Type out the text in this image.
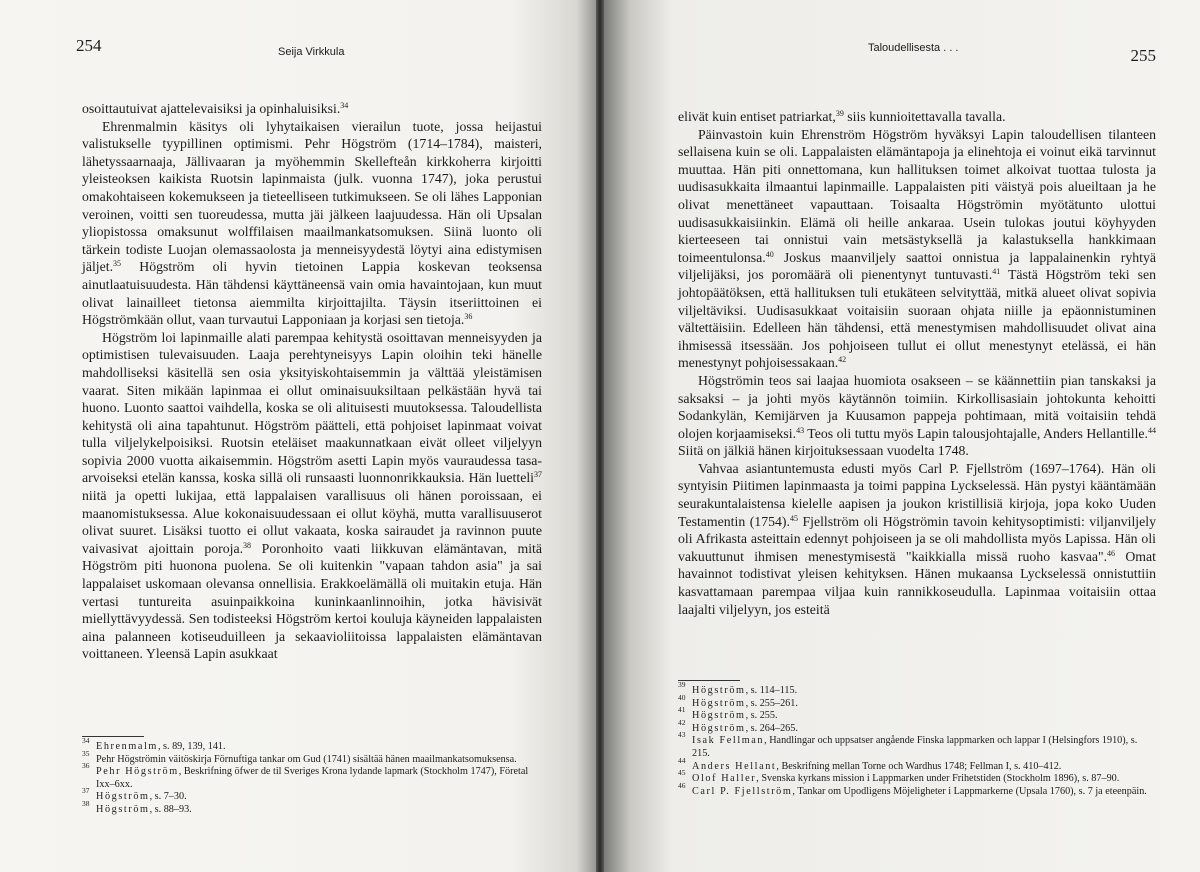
254	Seija Virkkula

osoittautuivat ajattelevaisiksi ja opinhaluisiksi.$^{34}$

Ehrenmalmin käsitys oli lyhytaikaisen vierailun tuote, jossa heijastui valistukselle tyypillinen optimismi. Pehr Högström (1714–1784), maisteri, lähetyssaarnaaja, Jällivaaran ja myöhemmin Skellefteån kirkkoherra kirjoitti yleisteoksen kaikista Ruotsin lapinmaista (julk. vuonna 1747), joka perustui omakohtaiseen kokemukseen ja tieteelliseen tutkimukseen. Se oli lähes Lapponian veroinen, voitti sen tuoreudessa, mutta jäi jälkeen laajuudessa. Hän oli Upsalan yliopistossa omaksunut wolffilaisen maailmankatsomuksen. Siinä luonto oli tärkein todiste Luojan olemassaolosta ja menneisyydestä löytyi aina edistymisen jäljet.$^{35}$ Högström oli hyvin tietoinen Lappia koskevan teoksensa ainutlaatuisuudesta. Hän tähdensi käyttäneensä vain omia havaintojaan, kun muut olivat lainailleet tietonsa aiemmilta kirjoittajilta. Täysin itseriittoinen ei Högströmkään ollut, vaan turvautui Lapponiaan ja korjasi sen tietoja.$^{36}$

Högström loi lapinmaille alati parempaa kehitystä osoittavan menneisyyden ja optimistisen tulevaisuuden. Laaja perehtyneisyys Lapin oloihin teki hänelle mahdolliseksi käsitellä sen osia yksityiskohtaisemmin ja välttää yleistämisen vaarat. Siten mikään lapinmaa ei ollut ominaisuuksiltaan pelkästään hyvä tai huono. Luonto saattoi vaihdella, koska se oli alituisesti muutoksessa. Taloudellista kehitystä oli aina tapahtunut. Högström päätteli, että pohjoiset lapinmaat voivat tulla viljelykelpoisiksi. Ruotsin eteläiset maakunnatkaan eivät olleet viljelyyn sopivia 2000 vuotta aikaisemmin. Högström asetti Lapin myös vauraudessa tasa-arvoiseksi etelän kanssa, koska sillä oli runsaasti luonnonrikkauksia. Hän luetteli$^{37}$ niitä ja opetti lukijaa, että lappalaisen varallisuus oli hänen poroissaan, ei maanomistuksessa. Alue kokonaisuudessaan ei ollut köyhä, mutta varallisuuserot olivat suuret. Lisäksi tuotto ei ollut vakaata, koska sairaudet ja ravinnon puute vaivasivat ajoittain poroja.$^{38}$ Poronhoito vaati liikkuvan elämäntavan, mitä Högström piti huonona puolena. Se oli kuitenkin "vapaan tahdon asia" ja sai lappalaiset uskomaan olevansa onnellisia. Erakkoelämällä oli muitakin etuja. Hän vertasi tuntureita asuinpaikkoina kuninkaanlinnoihin, jotka hävisivät miellyttävyydessä. Sen todisteeksi Högström kertoi kouluja käyneiden lappalaisten aina palanneen kotiseuduilleen ja sekaavioliitoissa lappalaisten elämäntavan voittaneen. Yleensä Lapin asukkaat

34
Ehrenmalm, s. 89, 139, 141.
35
Pehr Högströmin väitöskirja Förnuftiga tankar om Gud (1741) sisältää hänen maailmankatsomuksensa.
36
Pehr Högström, Beskrifning öfwer de til Sveriges Krona lydande lapmark (Stockholm 1747), Företal Ixx–6xx.
37
Högström, s. 7–30.
38
Högström, s. 88–93.
Taloudellisesta . . .	255

elivät kuin entiset patriarkat,$^{39}$ siis kunnioitettavalla tavalla.

Päinvastoin kuin Ehrenström Högström hyväksyi Lapin taloudellisen tilanteen sellaisena kuin se oli. Lappalaisten elämäntapoja ja elinehtoja ei voinut eikä tarvinnut muuttaa. Hän piti onnettomana, kun hallituksen toimet alkoivat tuottaa tulosta ja uudisasukkaita ilmaantui lapinmaille. Lappalaisten piti väistyä pois alueiltaan ja he olivat menettäneet vapauttaan. Toisaalta Högströmin myötätunto ulottui uudisasukkaisiinkin. Elämä oli heille ankaraa. Usein tulokas joutui köyhyyden kierteeseen tai onnistui vain metsästyksellä ja kalastuksella hankkimaan toimeentulonsa.$^{40}$ Joskus maanviljely saattoi onnistua ja lappalainenkin ryhtyä viljelijäksi, jos poromäärä oli pienentynyt tuntuvasti.$^{41}$ Tästä Högström teki sen johtopäätöksen, että hallituksen tuli etukäteen selvityttää, mitkä alueet olivat sopivia viljeltäviksi. Uudisasukkaat voitaisiin suoraan ohjata niille ja epäonnistuminen vältettäisiin. Edelleen hän tähdensi, että menestymisen mahdollisuudet olivat aina ihmisessä itsessään. Jos pohjoiseen tullut ei ollut menestynyt etelässä, ei hän menestynyt pohjoisessakaan.$^{42}$

Högströmin teos sai laajaa huomiota osakseen – se käännettiin pian tanskaksi ja saksaksi – ja johti myös käytännön toimiin. Kirkollisasiain johtokunta kehoitti Sodankylän, Kemijärven ja Kuusamon pappeja pohtimaan, mitä voitaisiin tehdä olojen korjaamiseksi.$^{43}$ Teos oli tuttu myös Lapin talousjohtajalle, Anders Hellantille.$^{44}$ Siitä on jälkiä hänen kirjoituksessaan vuodelta 1748.

Vahvaa asiantuntemusta edusti myös Carl P. Fjellström (1697–1764). Hän oli syntyisin Piitimen lapinmaasta ja toimi pappina Lyckselessä. Hän pystyi kääntämään seurakuntalaistensa kielelle aapisen ja joukon kristillisiä kirjoja, jopa koko Uuden Testamentin (1754).$^{45}$ Fjellström oli Högströmin tavoin kehitysoptimisti: viljanviljely oli Afrikasta asteittain edennyt pohjoiseen ja se oli mahdollista myös Lapissa. Hän oli vakuuttunut ihmisen menestymisestä "kaikkialla missä ruoho kasvaa".$^{46}$ Omat havainnot todistivat yleisen kehityksen. Hänen mukaansa Lyckselessä onnistuttiin kasvattamaan parempaa viljaa kuin rannikkoseudulla. Lapinmaa voitaisiin ottaa laajalti viljelyyn, jos esteitä

39
Högström, s. 114–115.
40
Högström, s. 255–261.
41
Högström, s. 255.
42
Högström, s. 264–265.
43
Isak Fellman, Handlingar och uppsatser angående Finska lappmarken och lappar I (Helsingfors 1910), s. 215.
44
Anders Hellant, Beskrifning mellan Torne och Wardhus 1748; Fellman I, s. 410–412.
45
Olof Haller, Svenska kyrkans mission i Lappmarken under Frihetstiden (Stockholm 1896), s. 87–90.
46
Carl P. Fjellström, Tankar om Upodligens Möjeligheter i Lappmarkerne (Upsala 1760), s. 7 ja eteenpäin.
